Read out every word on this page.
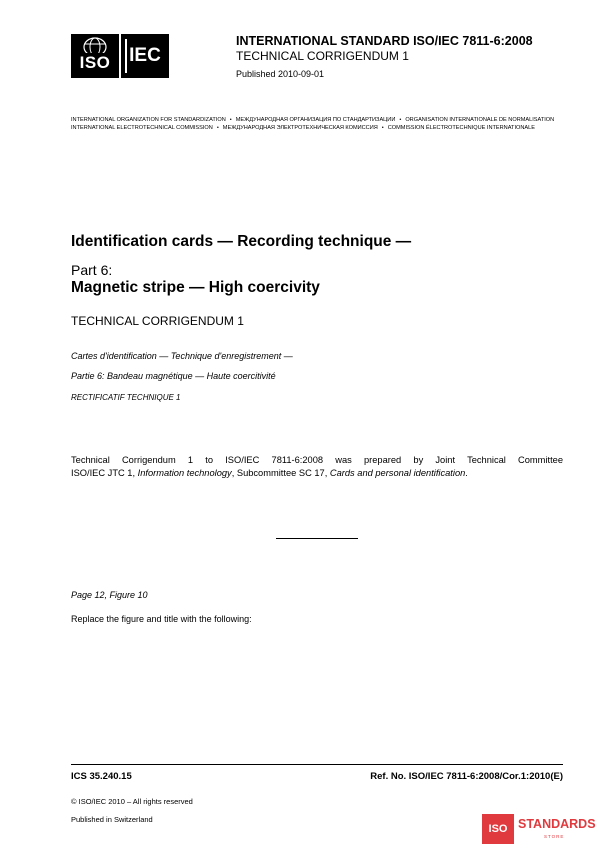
ISO IEC
INTERNATIONAL STANDARD ISO/IEC 7811-6:2008
TECHNICAL CORRIGENDUM 1
Published 2010-09-01
INTERNATIONAL ORGANIZATION FOR STANDARDIZATION • МЕЖДУНАРОДНАЯ ОРГАНИЗАЦИЯ ПО СТАНДАРТИЗАЦИИ • ORGANISATION INTERNATIONALE DE NORMALISATION
INTERNATIONAL ELECTROTECHNICAL COMMISSION • МЕЖДУНАРОДНАЯ ЭЛЕКТРОТЕХНИЧЕСКАЯ КОМИССИЯ • COMMISSION ÉLECTROTECHNIQUE INTERNATIONALE
Identification cards — Recording technique —
Part 6:
Magnetic stripe — High coercivity
TECHNICAL CORRIGENDUM 1
Cartes d'identification — Technique d'enregistrement —
Partie 6: Bandeau magnétique — Haute coercitivité
RECTIFICATIF TECHNIQUE 1
Technical Corrigendum 1 to ISO/IEC 7811-6:2008 was prepared by Joint Technical Committee
ISO/IEC JTC 1, Information technology, Subcommittee SC 17, Cards and personal identification.
Page 12, Figure 10
Replace the figure and title with the following:
ICS 35.240.15	Ref. No. ISO/IEC 7811-6:2008/Cor.1:2010(E)
© ISO/IEC 2010 – All rights reserved
Published in Switzerland
ISO STANDARDS
STORE
